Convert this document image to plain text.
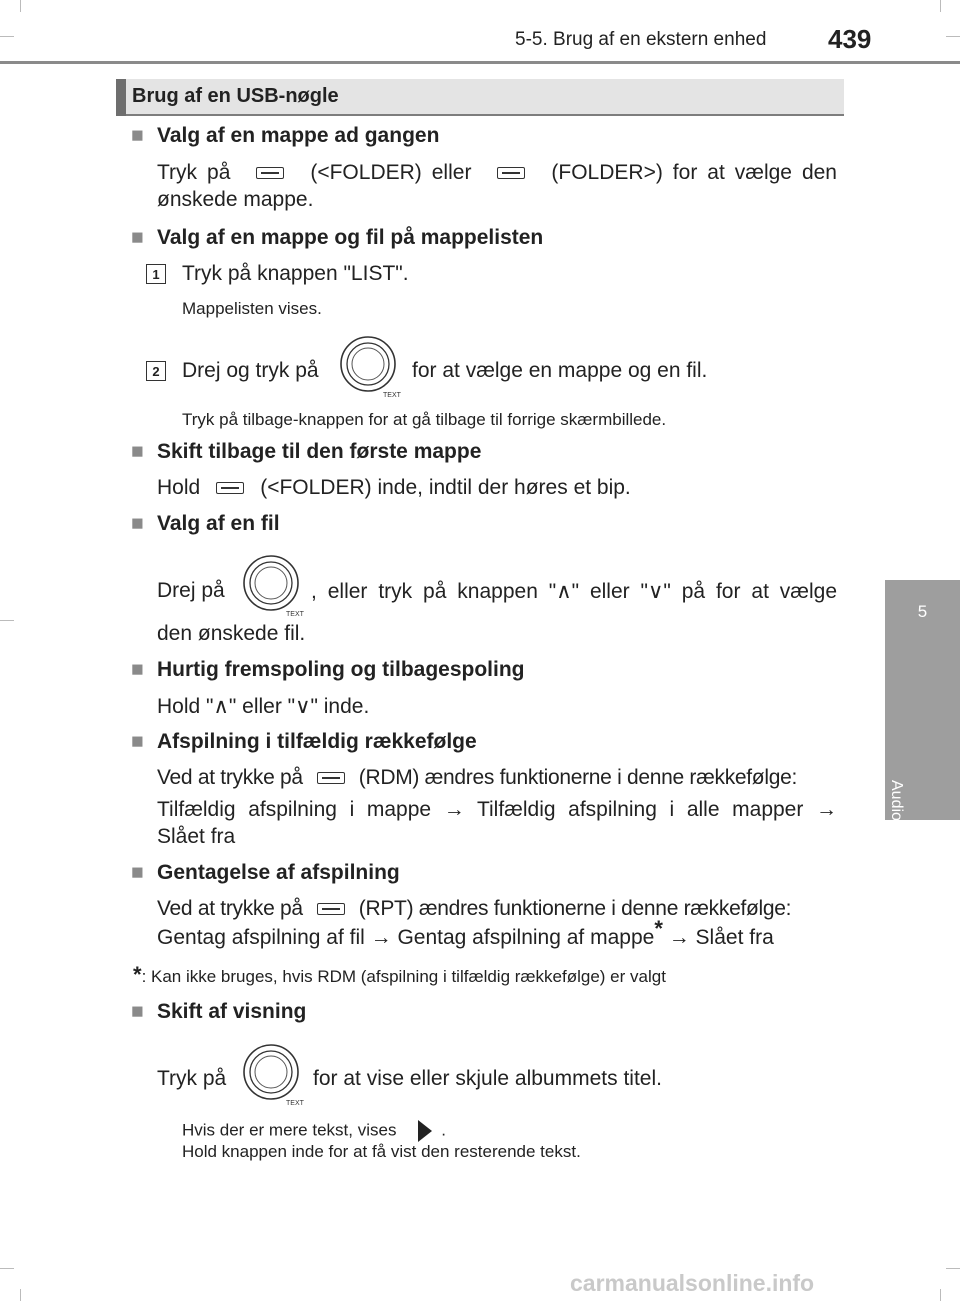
5-5. Brug af en ekstern enhed 439
5
Audiosystem
Brug af en USB-nøgle
■ Valg af en mappe ad gangen
Tryk på	(<FOLDER) eller	(FOLDER>) for at vælge den
ønskede mappe.
■ Valg af en mappe og fil på mappelisten
1	Tryk på knappen "LIST".
Mappelisten vises.
2	Drej og tryk på
TEXT
for at vælge en mappe og en fil.
Tryk på tilbage-knappen for at gå tilbage til forrige skærmbillede.
■ Skift tilbage til den første mappe
Hold	(<FOLDER) inde, indtil der høres et bip.
■ Valg af en fil
Drej på
TEXT
, eller tryk på knappen "∧" eller "∨" på for at vælge
den ønskede fil.
■ Hurtig fremspoling og tilbagespoling
Hold "∧" eller "∨" inde.
■ Afspilning i tilfældig rækkefølge
Ved at trykke på	(RDM) ændres funktionerne i denne rækkefølge:
Tilfældig afspilning i mappe → Tilfældig afspilning i alle mapper →
Slået fra
■ Gentagelse af afspilning
Ved at trykke på	(RPT) ændres funktionerne i denne rækkefølge:
Gentag afspilning af fil → Gentag afspilning af mappe* → Slået fra
*: Kan ikke bruges, hvis RDM (afspilning i tilfældig rækkefølge) er valgt
■ Skift af visning
Tryk på
TEXT
for at vise eller skjule albummets titel.
Hvis der er mere tekst, vises	.
Hold knappen inde for at få vist den resterende tekst.
carmanualsonline.info
